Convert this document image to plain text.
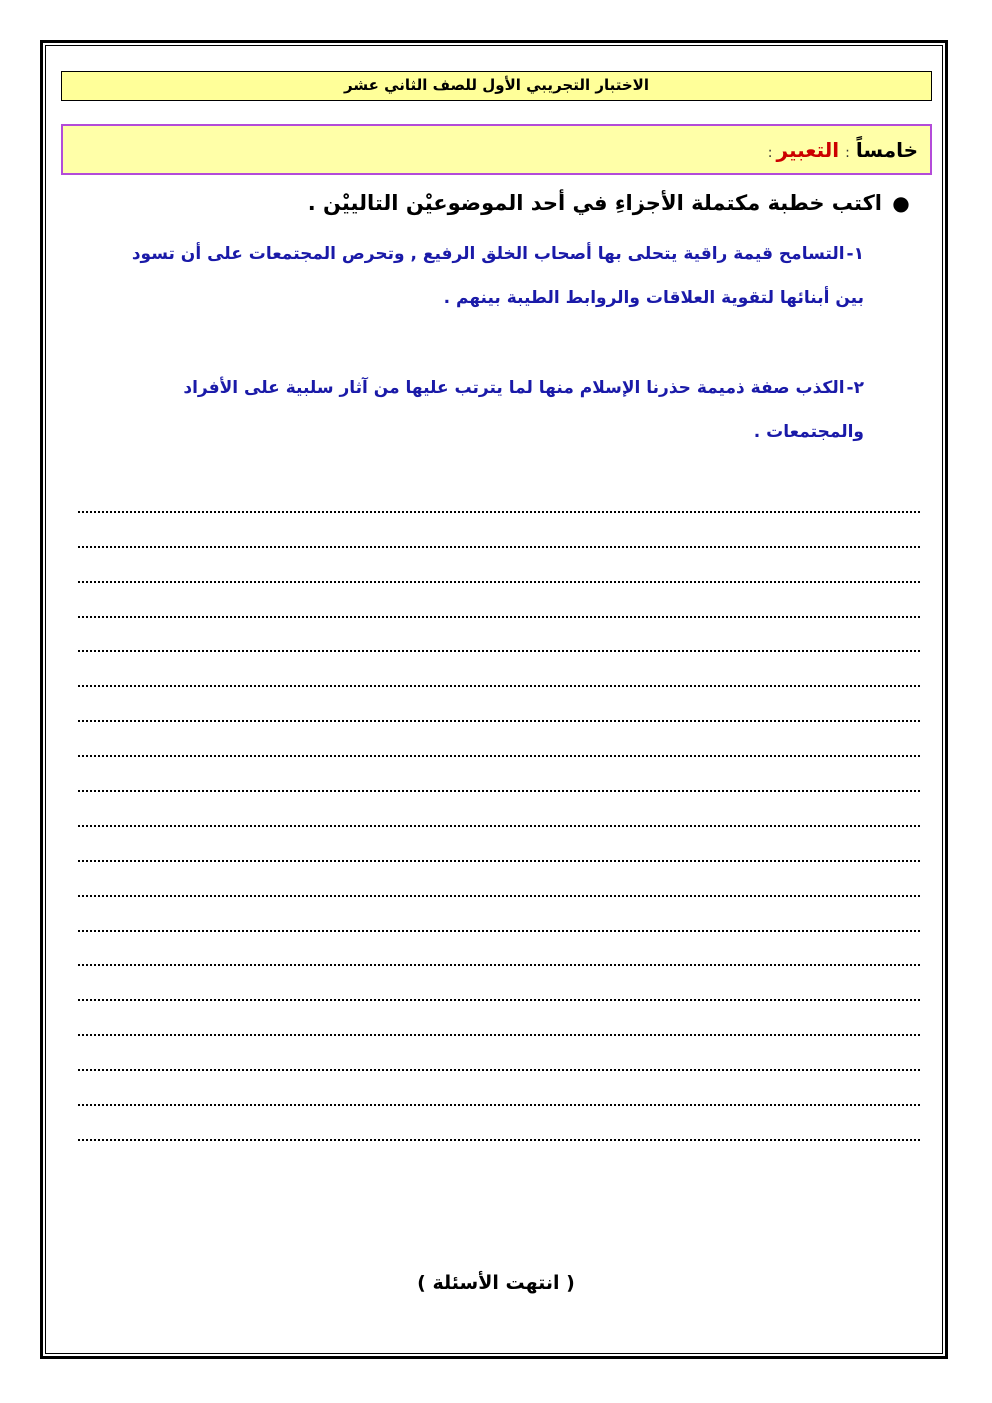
الاختبار التجريبي الأول للصف الثاني عشر
خامساً:التعبير:
●اكتب خطبة مكتملة الأجزاءِ في أحد الموضوعيْن التالييْن .
١-التسامح قيمة راقية يتحلى بها أصحاب الخلق الرفيع , وتحرص المجتمعات على أن تسود
بين أبنائها لتقوية العلاقات والروابط الطيبة بينهم .
٢-الكذب صفة ذميمة حذرنا الإسلام منها لما يترتب عليها من آثار سلبية على الأفراد
والمجتمعات .
( انتهت الأسئلة )
